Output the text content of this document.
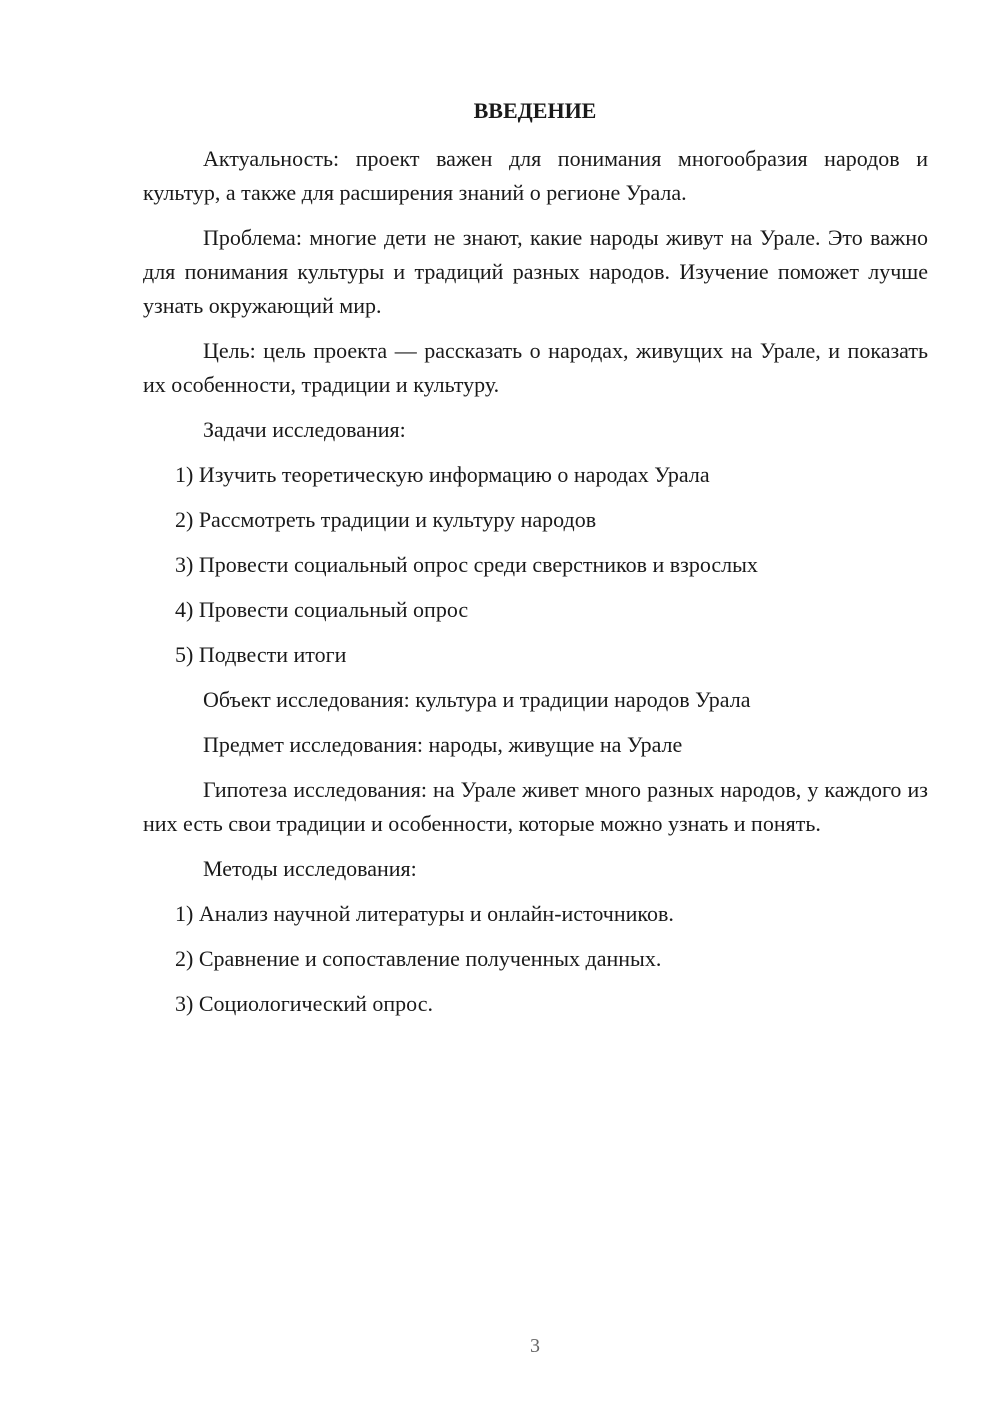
ВВЕДЕНИЕ

Актуальность: проект важен для понимания многообразия народов и культур, а также для расширения знаний о регионе Урала.

Проблема: многие дети не знают, какие народы живут на Урале. Это важно для понимания культуры и традиций разных народов. Изучение поможет лучше узнать окружающий мир.

Цель: цель проекта — рассказать о народах, живущих на Урале, и показать их особенности, традиции и культуру.

Задачи исследования:

1) Изучить теоретическую информацию о народах Урала

2) Рассмотреть традиции и культуру народов

3) Провести социальный опрос среди сверстников и взрослых

4) Провести социальный опрос

5) Подвести итоги

Объект исследования: культура и традиции народов Урала

Предмет исследования: народы, живущие на Урале

Гипотеза исследования: на Урале живет много разных народов, у каждого из них есть свои традиции и особенности, которые можно узнать и понять.

Методы исследования:

1) Анализ научной литературы и онлайн-источников.

2) Сравнение и сопоставление полученных данных.

3) Социологический опрос.

3
